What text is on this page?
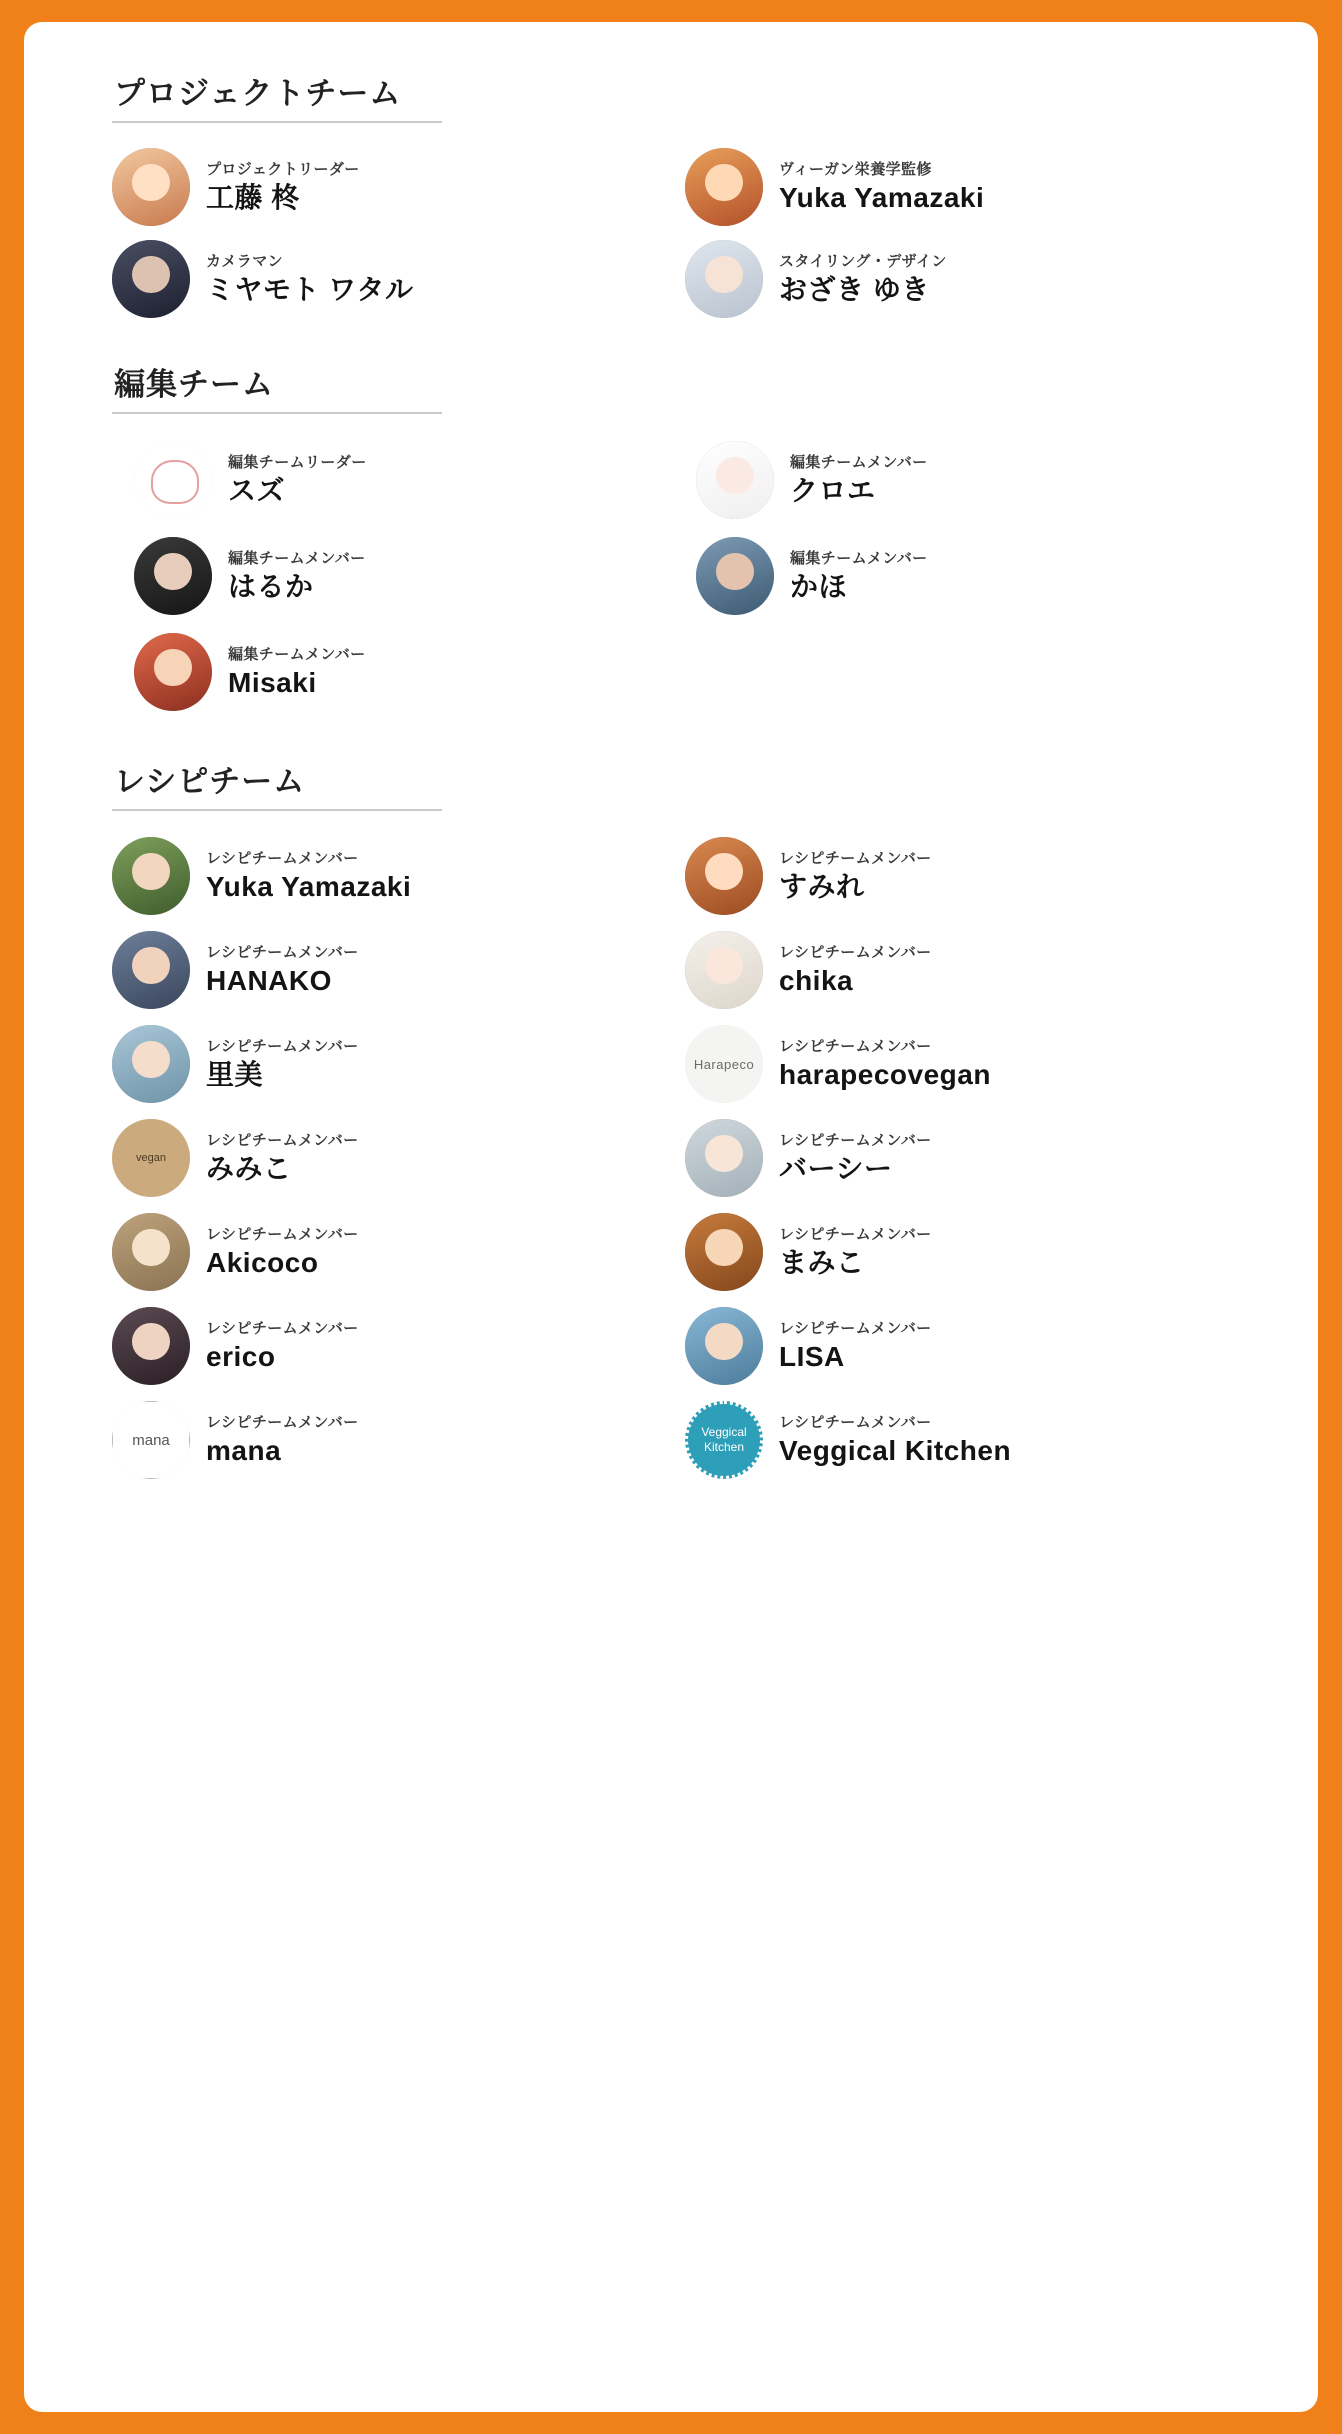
プロジェクトチーム
プロジェクトリーダー
工藤 柊
ヴィーガン栄養学監修
Yuka Yamazaki
カメラマン
ミヤモト ワタル
スタイリング・デザイン
おざき ゆき
編集チーム
編集チームリーダー
スズ
編集チームメンバー
クロエ
編集チームメンバー
はるか
編集チームメンバー
かほ
編集チームメンバー
Misaki
レシピチーム
レシピチームメンバー
Yuka Yamazaki
レシピチームメンバー
すみれ
レシピチームメンバー
HANAKO
レシピチームメンバー
chika
レシピチームメンバー
里美	Harapeco
レシピチームメンバー
harapecovegan
vegan
レシピチームメンバー
みみこ
レシピチームメンバー
バーシー
レシピチームメンバー
Akicoco
レシピチームメンバー
まみこ
レシピチームメンバー
erico
レシピチームメンバー
LISA
mana
レシピチームメンバー
mana
Veggical Kitchen
レシピチームメンバー
Veggical Kitchen
